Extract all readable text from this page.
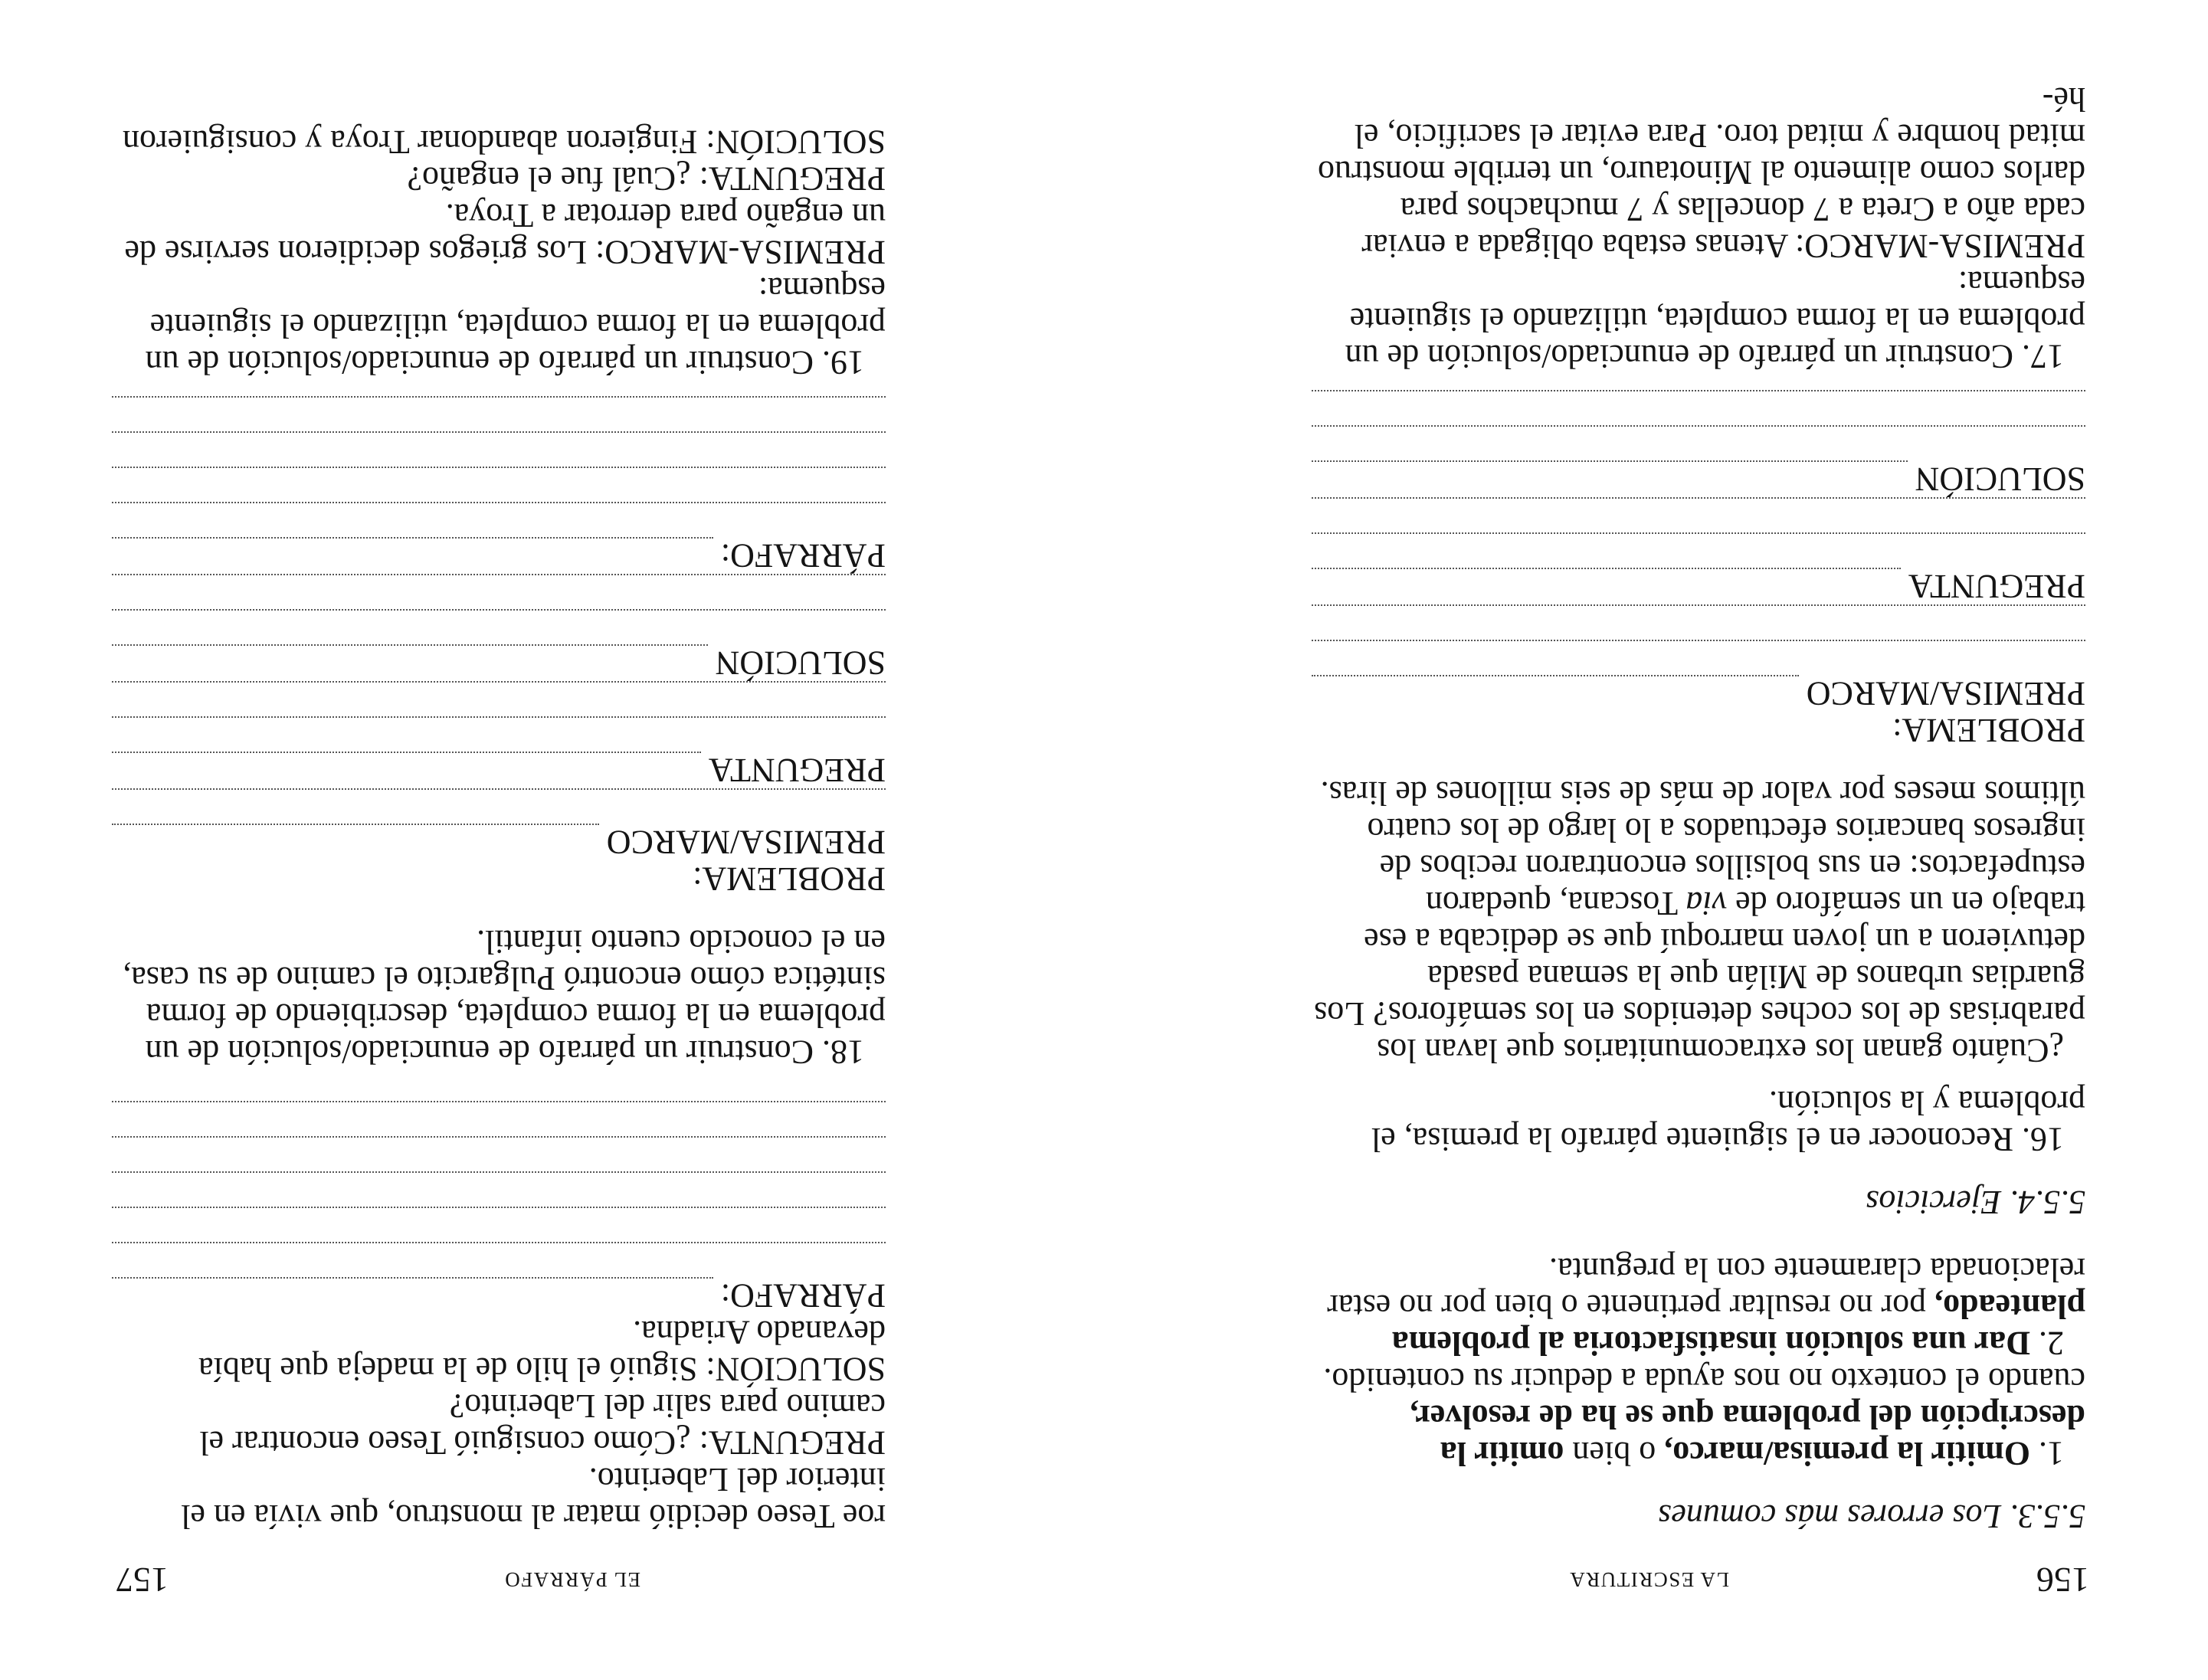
156
LA ESCRITURA

5.5.3. Los errores más comunes

1. Omitir la premisa/marco, o bien omitir la descripción del problema que se ha de resolver, cuando el contexto no nos ayuda a deducir su contenido.

2. Dar una solución insatisfactoria al problema planteado, por no resultar pertinente o bien por no estar relacionada claramente con la pregunta.

5.5.4. Ejercicios

16. Reconocer en el siguiente párrafo la premisa, el problema y la solución.

¿Cuánto ganan los extracomunitarios que lavan los parabrisas de los coches detenidos en los semáforos? Los guardias urbanos de Milán que la semana pasada detuvieron a un joven marroquí que se dedicaba a ese trabajo en un semáforo de via Toscana, quedaron estupefactos: en sus bolsillos encontraron recibos de ingresos bancarios efectuados a lo largo de los cuatro últimos meses por valor de más de seis millones de liras.

PROBLEMA:
PREMISA/MARCO
PREGUNTA
SOLUCIÓN

17. Construir un párrafo de enunciado/solución de un problema en la forma completa, utilizando el siguiente esquema:

PREMISA-MARCO: Atenas estaba obligada a enviar cada año a Creta a 7 doncellas y 7 muchachos para darlos como alimento al Minotauro, un terrible monstruo mitad hombre y mitad toro. Para evitar el sacrificio, el hé-

EL PÁRRAFO
157

roe Teseo decidió matar al monstruo, que vivía en el interior del Laberinto.

PREGUNTA: ¿Cómo consiguió Teseo encontrar el camino para salir del Laberinto?

SOLUCIÓN: Siguió el hilo de la madeja que había devanado Ariadna.

PÁRRAFO:

18. Construir un párrafo de enunciado/solución de un problema en la forma completa, describiendo de forma sintética cómo encontró Pulgarcito el camino de su casa, en el conocido cuento infantil.

PROBLEMA:
PREMISA/MARCO
PREGUNTA
SOLUCIÓN
PÁRRAFO:

19. Construir un párrafo de enunciado/solución de un problema en la forma completa, utilizando el siguiente esquema:

PREMISA-MARCO: Los griegos decidieron servirse de un engaño para derrotar a Troya.

PREGUNTA: ¿Cuál fue el engaño?

SOLUCIÓN: Fingieron abandonar Troya y consiguieron
